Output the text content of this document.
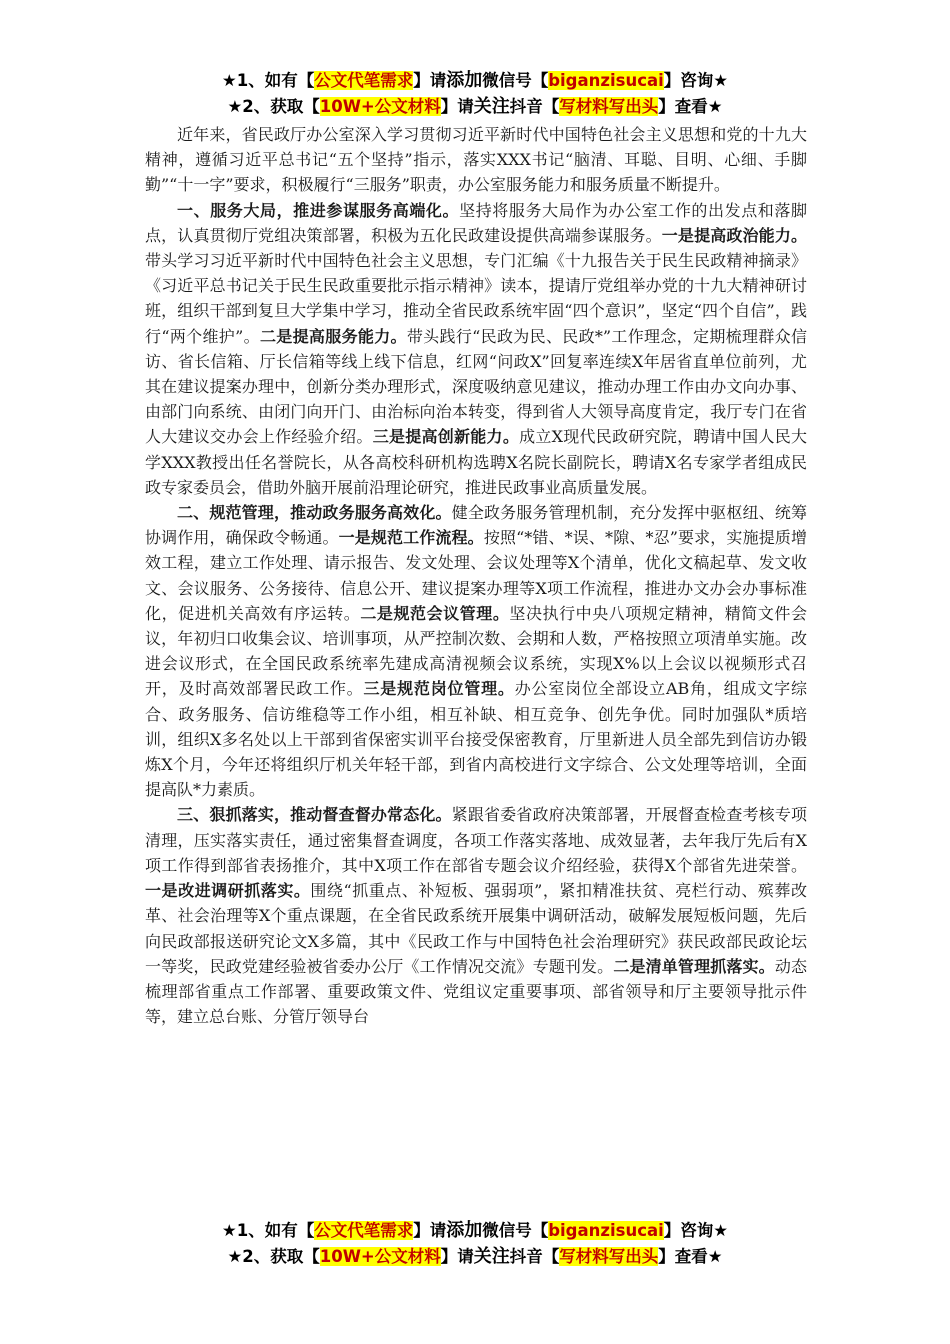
★1、如有【公文代笔需求】请添加微信号【biganzisucai】咨询★
★2、获取【10W+公文材料】请关注抖音【写材料写出头】查看★

近年来，省民政厅办公室深入学习贯彻习近平新时代中国特色社会主义思想和党的十九大精神，遵循习近平总书记“五个坚持”指示，落实XXX书记“脑清、耳聪、目明、心细、手脚勤”“十一字”要求，积极履行“三服务”职责，办公室服务能力和服务质量不断提升。

一、服务大局，推进参谋服务高端化。坚持将服务大局作为办公室工作的出发点和落脚点，认真贯彻厅党组决策部署，积极为五化民政建设提供高端参谋服务。一是提高政治能力。带头学习习近平新时代中国特色社会主义思想，专门汇编《十九报告关于民生民政精神摘录》《习近平总书记关于民生民政重要批示指示精神》读本，提请厅党组举办党的十九大精神研讨班，组织干部到复旦大学集中学习，推动全省民政系统牢固“四个意识”，坚定“四个自信”，践行“两个维护”。二是提高服务能力。带头践行“民政为民、民政*”工作理念，定期梳理群众信访、省长信箱、厅长信箱等线上线下信息，红网“问政X”回复率连续X年居省直单位前列，尤其在建议提案办理中，创新分类办理形式，深度吸纳意见建议，推动办理工作由办文向办事、由部门向系统、由闭门向开门、由治标向治本转变，得到省人大领导高度肯定，我厅专门在省人大建议交办会上作经验介绍。三是提高创新能力。成立X现代民政研究院，聘请中国人民大学XXX教授出任名誉院长，从各高校科研机构选聘X名院长副院长，聘请X名专家学者组成民政专家委员会，借助外脑开展前沿理论研究，推进民政事业高质量发展。

二、规范管理，推动政务服务高效化。健全政务服务管理机制，充分发挥中驱枢纽、统筹协调作用，确保政令畅通。一是规范工作流程。按照“*错、*误、*隙、*忍”要求，实施提质增效工程，建立工作处理、请示报告、发文处理、会议处理等X个清单，优化文稿起草、发文收文、会议服务、公务接待、信息公开、建议提案办理等X项工作流程，推进办文办会办事标准化，促进机关高效有序运转。二是规范会议管理。坚决执行中央八项规定精神，精简文件会议，年初归口收集会议、培训事项，从严控制次数、会期和人数，严格按照立项清单实施。改进会议形式，在全国民政系统率先建成高清视频会议系统，实现X%以上会议以视频形式召开，及时高效部署民政工作。三是规范岗位管理。办公室岗位全部设立AB角，组成文字综合、政务服务、信访维稳等工作小组，相互补缺、相互竞争、创先争优。同时加强队*质培训，组织X多名处以上干部到省保密实训平台接受保密教育，厅里新进人员全部先到信访办锻炼X个月，今年还将组织厅机关年轻干部，到省内高校进行文字综合、公文处理等培训，全面提高队*力素质。

三、狠抓落实，推动督查督办常态化。紧跟省委省政府决策部署，开展督查检查考核专项清理，压实落实责任，通过密集督查调度，各项工作落实落地、成效显著，去年我厅先后有X项工作得到部省表扬推介，其中X项工作在部省专题会议介绍经验，获得X个部省先进荣誉。一是改进调研抓落实。围绕“抓重点、补短板、强弱项”，紧扣精准扶贫、亮栏行动、殡葬改革、社会治理等X个重点课题，在全省民政系统开展集中调研活动，破解发展短板问题，先后向民政部报送研究论文X多篇，其中《民政工作与中国特色社会治理研究》获民政部民政论坛一等奖，民政党建经验被省委办公厅《工作情况交流》专题刊发。二是清单管理抓落实。动态梳理部省重点工作部署、重要政策文件、党组议定重要事项、部省领导和厅主要领导批示件等，建立总台账、分管厅领导台

★1、如有【公文代笔需求】请添加微信号【biganzisucai】咨询★
★2、获取【10W+公文材料】请关注抖音【写材料写出头】查看★
